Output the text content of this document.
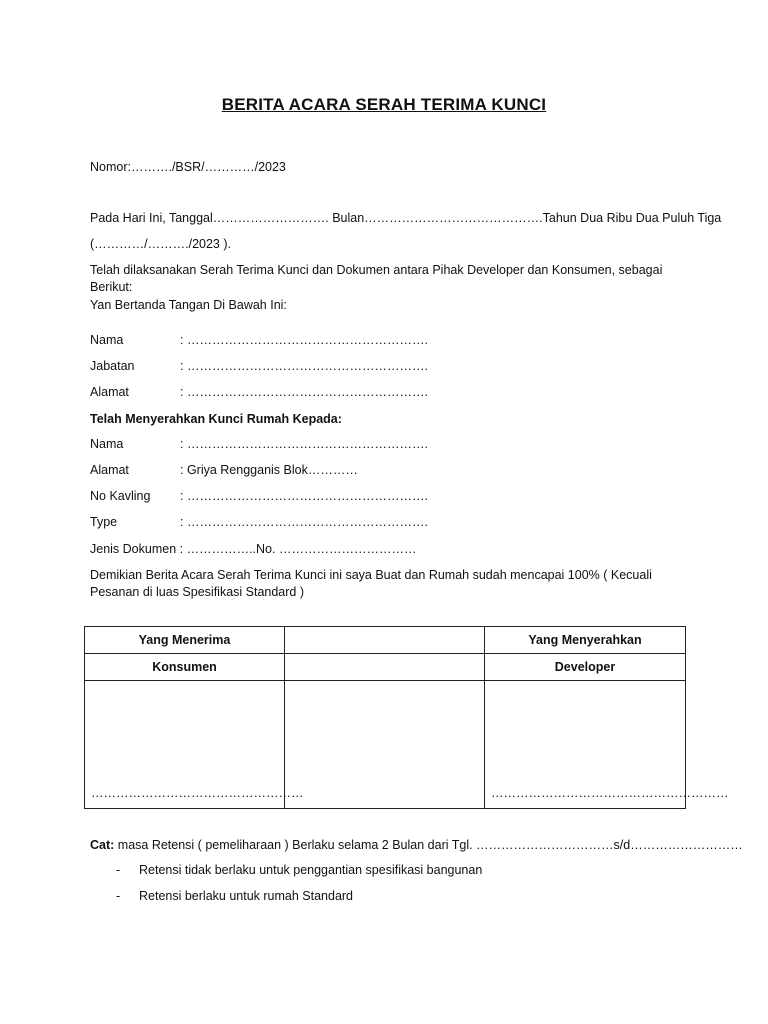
BERITA ACARA SERAH TERIMA KUNCI
Nomor:………./BSR/…………/2023
Pada Hari Ini, Tanggal………………………. Bulan…………………………………….Tahun Dua Ribu Dua Puluh Tiga
(…………/………./2023 ).
Telah dilaksanakan Serah Terima Kunci dan Dokumen antara Pihak Developer dan Konsumen, sebagai
Berikut:
Yan Bertanda Tangan Di Bawah Ini:
Nama	: ………………………………………………….
Jabatan	: ………………………………………………….
Alamat	: ………………………………………………….
Telah Menyerahkan Kunci Rumah Kepada:
Nama	: ………………………………………………….
Alamat	: Griya Rengganis Blok…………
No Kavling : ………………………………………………….
Type	: ………………………………………………….
Jenis Dokumen : ……………..No. ……………………………
Demikian Berita Acara Serah Terima Kunci ini saya Buat dan Rumah sudah mencapai 100% ( Kecuali
Pesanan di luas Spesifikasi Standard )
Yang Menerima		Yang Menyerahkan
Konsumen		Developer
……………………………………………		…………………………………………………
Cat: masa Retensi ( pemeliharaan ) Berlaku selama 2 Bulan dari Tgl. ……………………………s/d………………………
- Retensi tidak berlaku untuk penggantian spesifikasi bangunan
- Retensi berlaku untuk rumah Standard
